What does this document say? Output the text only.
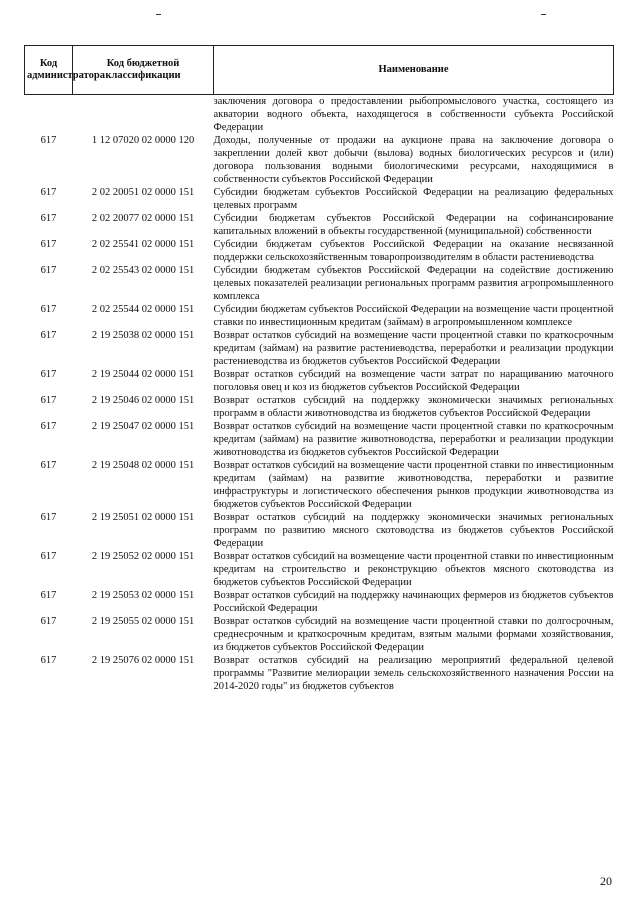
Код администратора	Код бюджетной классификации	Наименование
		заключения договора о предоставлении рыбопромыслового участка, состоящего из акватории водного объекта, находящегося в собственности субъекта Российской Федерации
617	1 12 07020 02 0000 120	Доходы, полученные от продажи на аукционе права на заключение договора о закреплении долей квот добычи (вылова) водных биологических ресурсов и (или) договора пользования водными биологическими ресурсами, находящимися в собственности субъектов Российской Федерации
617	2 02 20051 02 0000 151	Субсидии бюджетам субъектов Российской Федерации на реализацию федеральных целевых программ
617	2 02 20077 02 0000 151	Субсидии бюджетам субъектов Российской Федерации на софинансирование капитальных вложений в объекты государственной (муниципальной) собственности
617	2 02 25541 02 0000 151	Субсидии бюджетам субъектов Российской Федерации на оказание несвязанной поддержки сельскохозяйственным товаропроизводителям в области растениеводства
617	2 02 25543 02 0000 151	Субсидии бюджетам субъектов Российской Федерации на содействие достижению целевых показателей реализации региональных программ развития агропромышленного комплекса
617	2 02 25544 02 0000 151	Субсидии бюджетам субъектов Российской Федерации на возмещение части процентной ставки по инвестиционным кредитам (займам) в агропромышленном комплексе
617	2 19 25038 02 0000 151	Возврат остатков субсидий на возмещение части процентной ставки по краткосрочным кредитам (займам) на развитие растениеводства, переработки и реализации продукции растениеводства из бюджетов субъектов Российской Федерации
617	2 19 25044 02 0000 151	Возврат остатков субсидий на возмещение части затрат по наращиванию маточного поголовья овец и коз из бюджетов субъектов Российской Федерации
617	2 19 25046 02 0000 151	Возврат остатков субсидий на поддержку экономически значимых региональных программ в области животноводства из бюджетов субъектов Российской Федерации
617	2 19 25047 02 0000 151	Возврат остатков субсидий на возмещение части процентной ставки по краткосрочным кредитам (займам) на развитие животноводства, переработки и реализации продукции животноводства из бюджетов субъектов Российской Федерации
617	2 19 25048 02 0000 151	Возврат остатков субсидий на возмещение части процентной ставки по инвестиционным кредитам (займам) на развитие животноводства, переработки и развитие инфраструктуры и логистического обеспечения рынков продукции животноводства из бюджетов субъектов Российской Федерации
617	2 19 25051 02 0000 151	Возврат остатков субсидий на поддержку экономически значимых региональных программ по развитию мясного скотоводства из бюджетов субъектов Российской Федерации
617	2 19 25052 02 0000 151	Возврат остатков субсидий на возмещение части процентной ставки по инвестиционным кредитам на строительство и реконструкцию объектов мясного скотоводства из бюджетов субъектов Российской Федерации
617	2 19 25053 02 0000 151	Возврат остатков субсидий на поддержку начинающих фермеров из бюджетов субъектов Российской Федерации
617	2 19 25055 02 0000 151	Возврат остатков субсидий на возмещение части процентной ставки по долгосрочным, среднесрочным и краткосрочным кредитам, взятым малыми формами хозяйствования, из бюджетов субъектов Российской Федерации
617	2 19 25076 02 0000 151	Возврат остатков субсидий на реализацию мероприятий федеральной целевой программы "Развитие мелиорации земель сельскохозяйственного назначения России на 2014-2020 годы" из бюджетов субъектов
20
